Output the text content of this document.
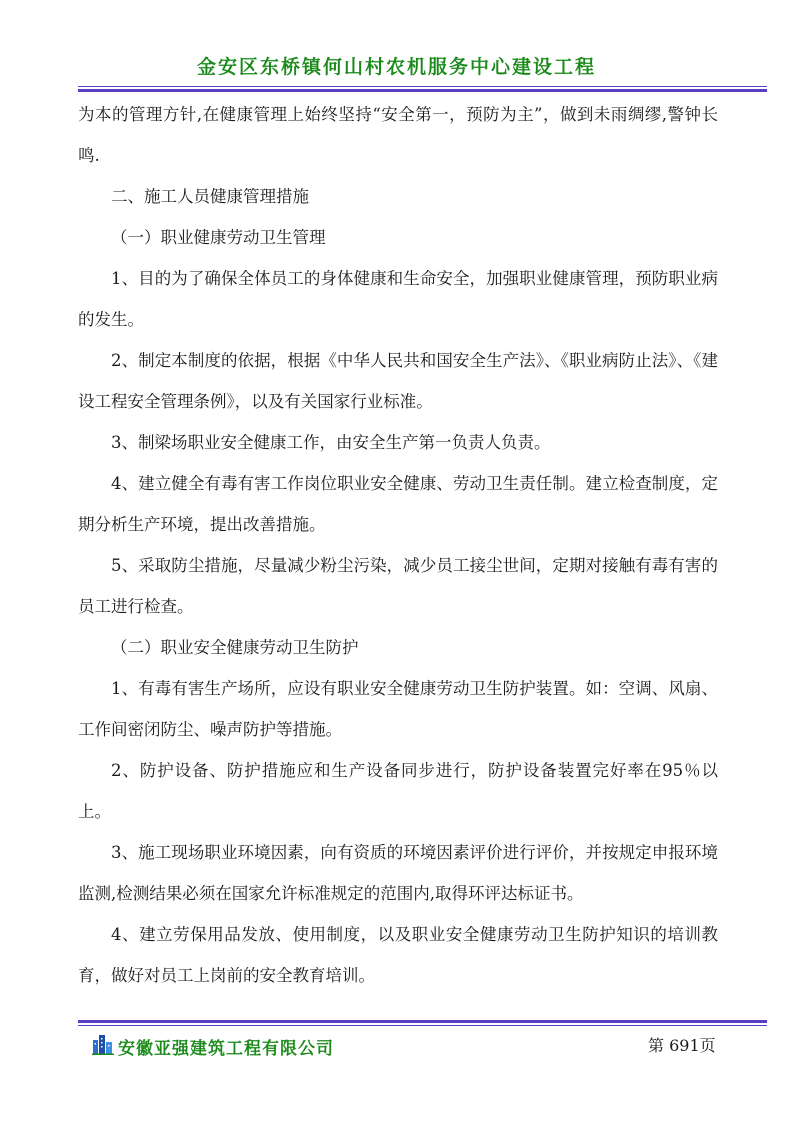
金安区东桥镇何山村农机服务中心建设工程

为本的管理方针,在健康管理上始终坚持“安全第一，预防为主”，做到未雨绸缪,警钟长鸣.

二、施工人员健康管理措施

（一）职业健康劳动卫生管理

1、目的为了确保全体员工的身体健康和生命安全，加强职业健康管理，预防职业病的发生。

2、制定本制度的依据，根据《中华人民共和国安全生产法》、《职业病防止法》、《建设工程安全管理条例》，以及有关国家行业标准。

3、制梁场职业安全健康工作，由安全生产第一负责人负责。

4、建立健全有毒有害工作岗位职业安全健康、劳动卫生责任制。建立检查制度，定期分析生产环境，提出改善措施。

5、采取防尘措施，尽量减少粉尘污染，减少员工接尘世间，定期对接触有毒有害的员工进行检查。

（二）职业安全健康劳动卫生防护

1、有毒有害生产场所，应设有职业安全健康劳动卫生防护装置。如：空调、风扇、工作间密闭防尘、噪声防护等措施。

2、防护设备、防护措施应和生产设备同步进行，防护设备装置完好率在95％以上。

3、施工现场职业环境因素，向有资质的环境因素评价进行评价，并按规定申报环境监测,检测结果必须在国家允许标准规定的范围内,取得环评达标证书。

4、建立劳保用品发放、使用制度，以及职业安全健康劳动卫生防护知识的培训教育，做好对员工上岗前的安全教育培训。

安徽亚强建筑工程有限公司	第 691页
